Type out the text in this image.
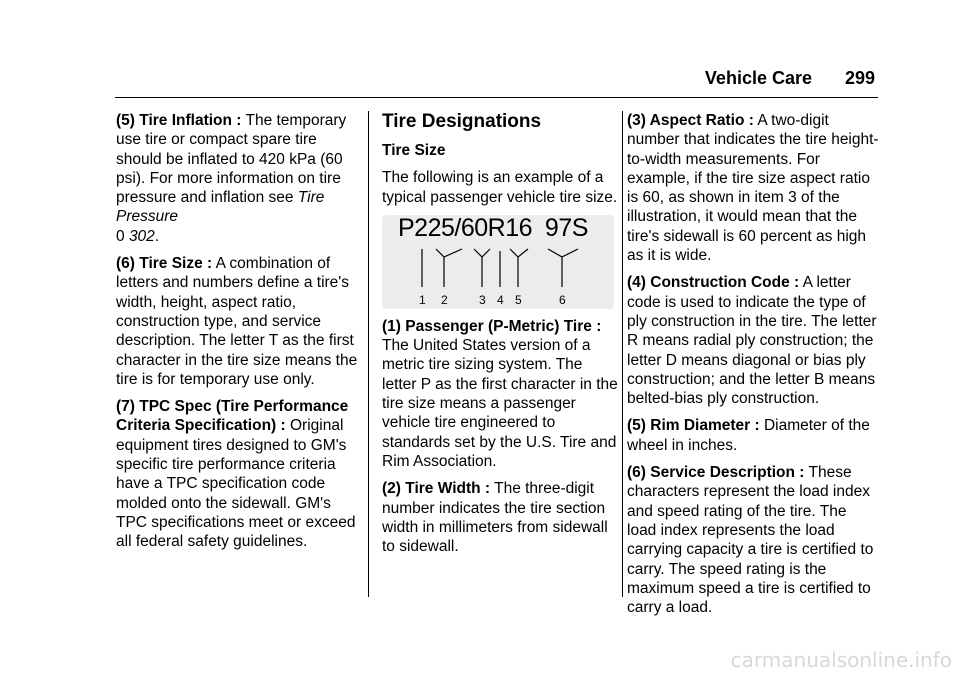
Vehicle Care 299

(5) Tire Inflation : The temporary use tire or compact spare tire should be inflated to 420 kPa (60 psi). For more information on tire pressure and inflation see Tire Pressure
0 302.

(6) Tire Size : A combination of letters and numbers define a tire's width, height, aspect ratio, construction type, and service description. The letter T as the first character in the tire size means the tire is for temporary use only.

(7) TPC Spec (Tire Performance Criteria Specification) : Original equipment tires designed to GM's specific tire performance criteria have a TPC specification code molded onto the sidewall. GM's TPC specifications meet or exceed all federal safety guidelines.

Tire Designations
Tire Size

The following is an example of a typical passenger vehicle tire size.

P225/60R16 97S
1 2	3 4 5	6

(1) Passenger (P-Metric) Tire : The United States version of a metric tire sizing system. The letter P as the first character in the tire size means a passenger vehicle tire engineered to standards set by the U.S. Tire and Rim Association.

(2) Tire Width : The three-digit number indicates the tire section width in millimeters from sidewall to sidewall.

(3) Aspect Ratio : A two-digit number that indicates the tire height-to-width measurements. For example, if the tire size aspect ratio is 60, as shown in item 3 of the illustration, it would mean that the tire's sidewall is 60 percent as high as it is wide.

(4) Construction Code : A letter code is used to indicate the type of ply construction in the tire. The letter R means radial ply construction; the letter D means diagonal or bias ply construction; and the letter B means belted-bias ply construction.

(5) Rim Diameter : Diameter of the wheel in inches.

(6) Service Description : These characters represent the load index and speed rating of the tire. The load index represents the load carrying capacity a tire is certified to carry. The speed rating is the maximum speed a tire is certified to carry a load.

carmanualsonline.info
